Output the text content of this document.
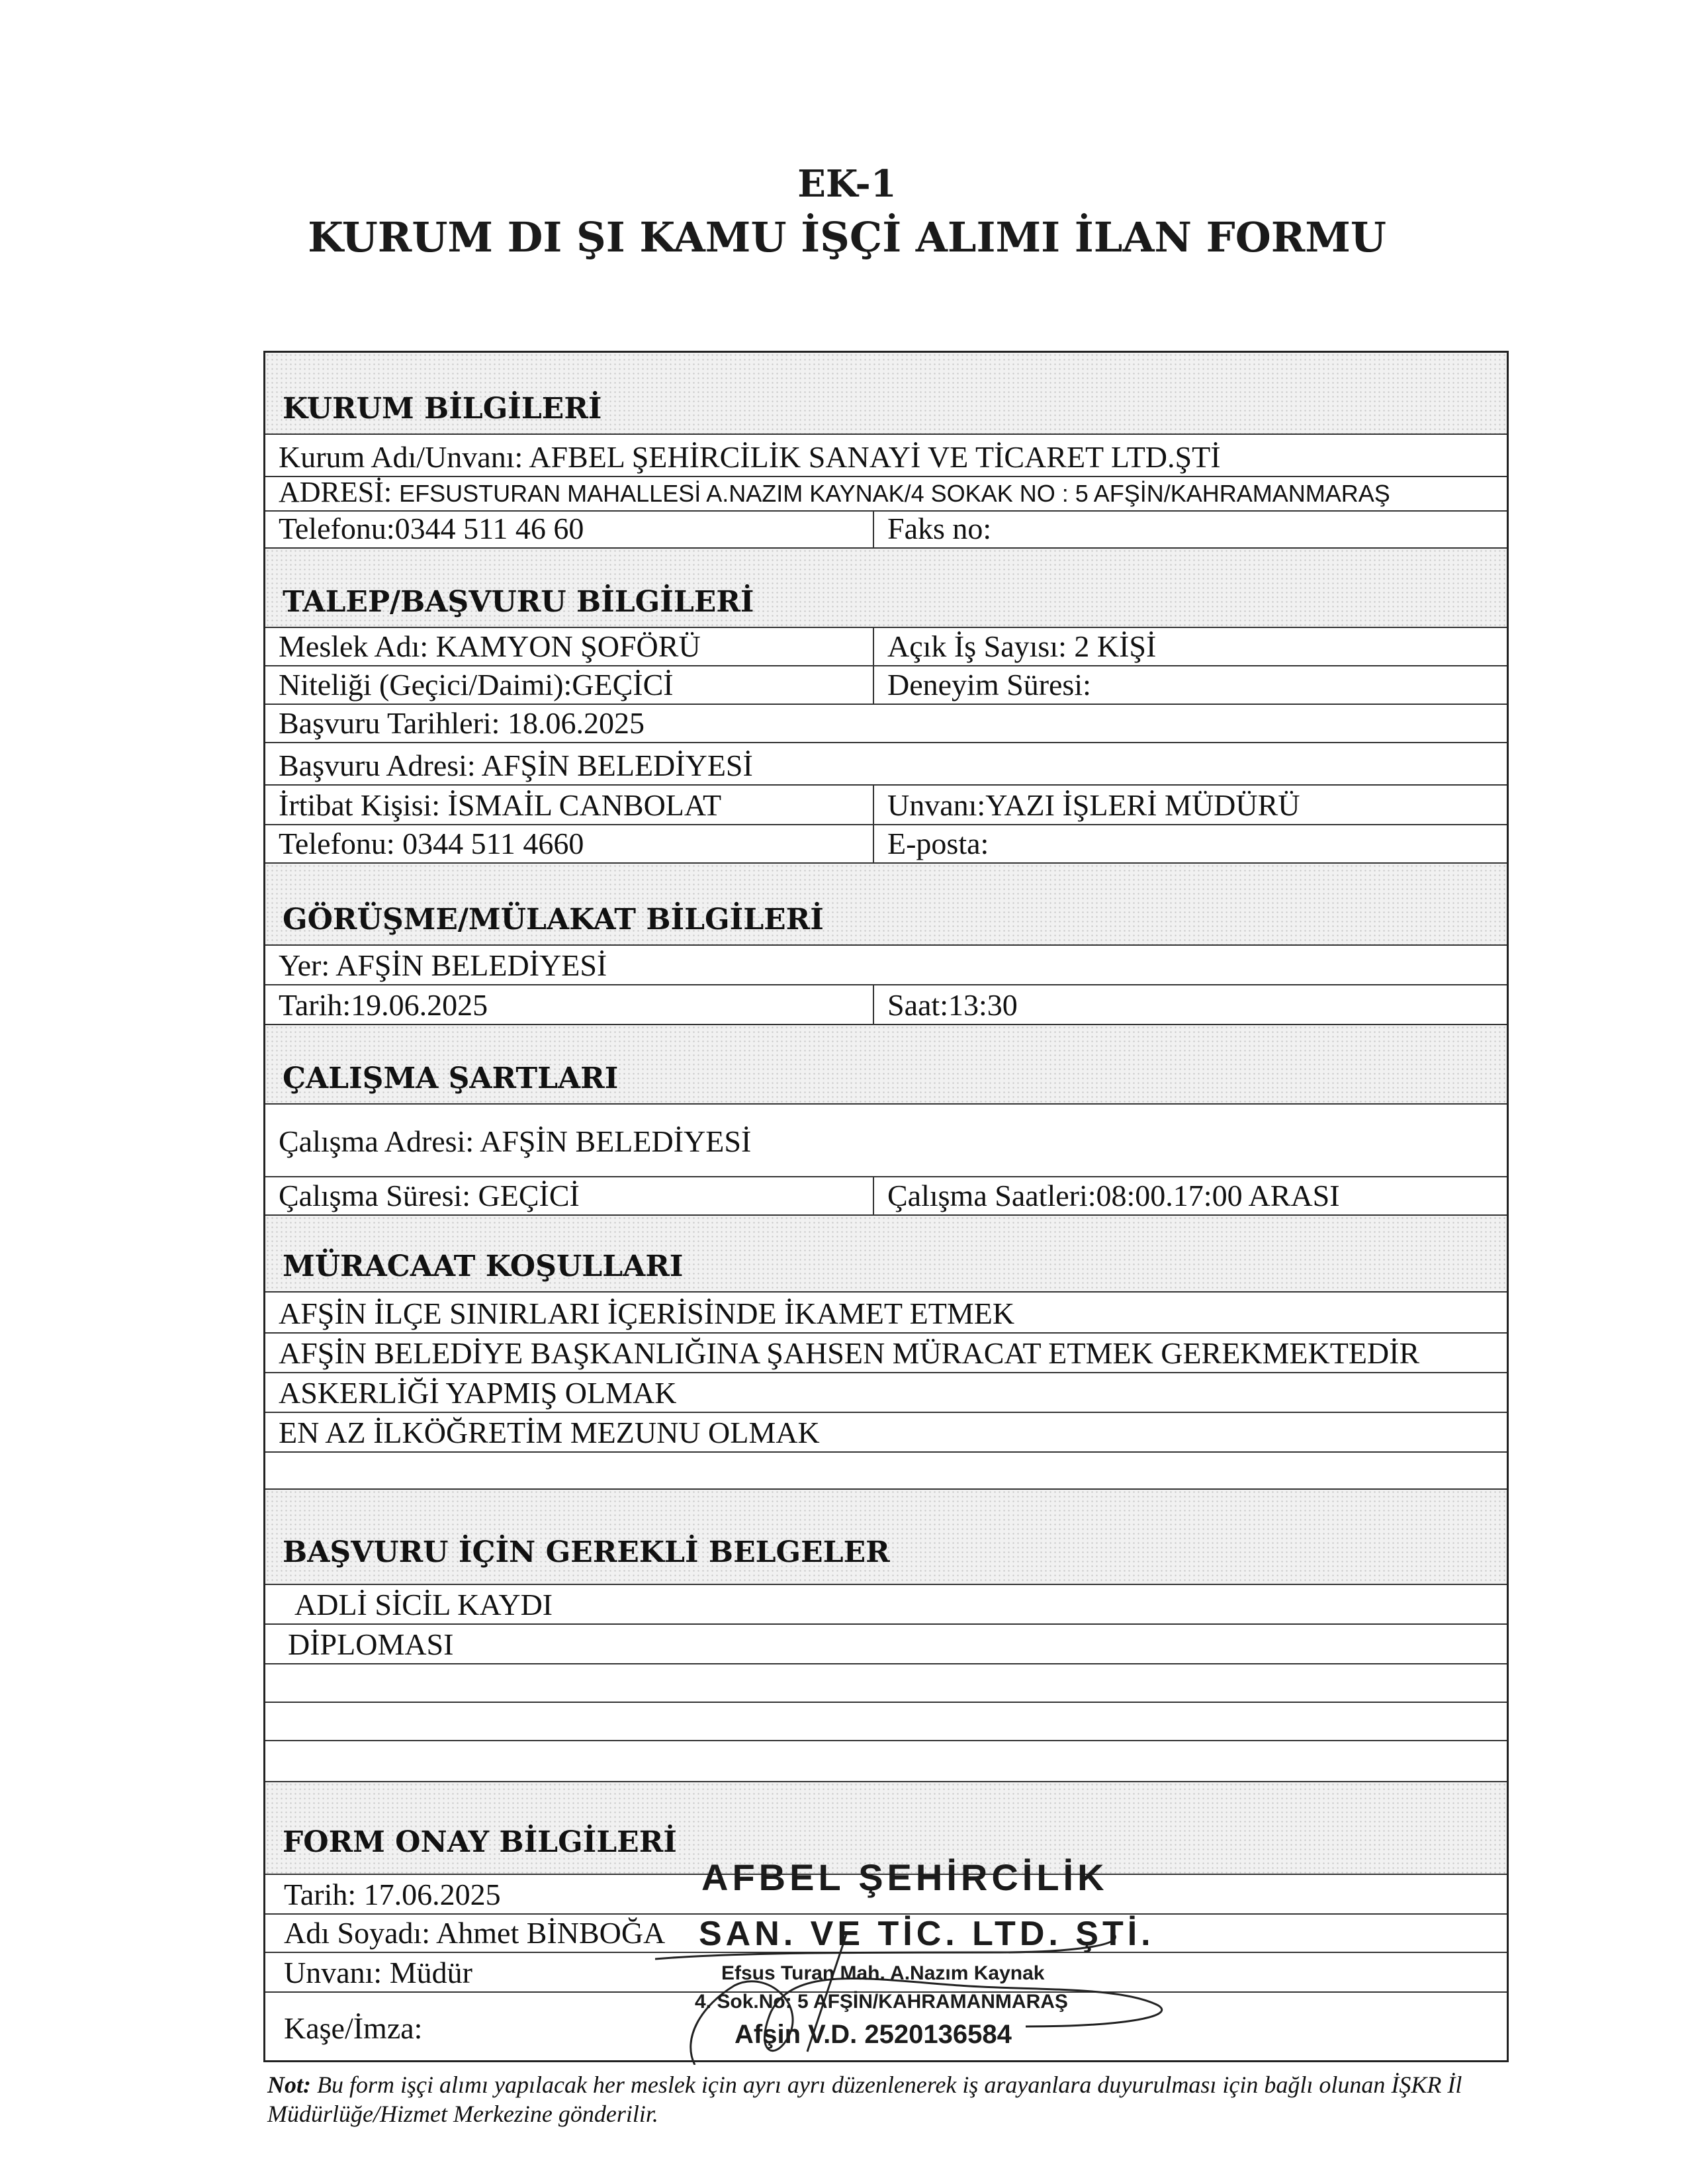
EK-1
KURUM DI ŞI KAMU İŞÇİ ALIMI İLAN FORMU
KURUM BİLGİLERİ
Kurum Adı/Unvanı: AFBEL ŞEHİRCİLİK SANAYİ VE TİCARET LTD.ŞTİ
ADRESİ: EFSUSTURAN MAHALLESİ A.NAZIM KAYNAK/4 SOKAK NO : 5 AFŞİN/KAHRAMANMARAŞ
Telefonu:0344 511 46 60	Faks no:
TALEP/BAŞVURU BİLGİLERİ
Meslek Adı: KAMYON ŞOFÖRÜ	Açık İş Sayısı: 2 KİŞİ
Niteliği (Geçici/Daimi):GEÇİCİ	Deneyim Süresi:
Başvuru Tarihleri: 18.06.2025
Başvuru Adresi: AFŞİN BELEDİYESİ
İrtibat Kişisi: İSMAİL CANBOLAT	Unvanı:YAZI İŞLERİ MÜDÜRÜ
Telefonu: 0344 511 4660	E-posta:
GÖRÜŞME/MÜLAKAT BİLGİLERİ
Yer: AFŞİN BELEDİYESİ
Tarih:19.06.2025	Saat:13:30
ÇALIŞMA ŞARTLARI
Çalışma Adresi: AFŞİN BELEDİYESİ
Çalışma Süresi: GEÇİCİ	Çalışma Saatleri:08:00.17:00 ARASI
MÜRACAAT KOŞULLARI
AFŞİN İLÇE SINIRLARI İÇERİSİNDE İKAMET ETMEK
AFŞİN BELEDİYE BAŞKANLIĞINA ŞAHSEN MÜRACAT ETMEK GEREKMEKTEDİR
ASKERLİĞİ YAPMIŞ OLMAK
EN AZ İLKÖĞRETİM MEZUNU OLMAK
BAŞVURU İÇİN GEREKLİ BELGELER
ADLİ SİCİL KAYDI
DİPLOMASI
FORM ONAY BİLGİLERİ
Tarih: 17.06.2025
Adı Soyadı: Ahmet BİNBOĞA
Unvanı: Müdür
Kaşe/İmza:
AFBEL ŞEHİRCİLİK
SAN. VE TİC. LTD. ŞTİ.
Efsus Turan Mah. A.Nazım Kaynak
4. Sok.No: 5 AFŞİN/KAHRAMANMARAŞ
Afşin V.D. 2520136584
Not: Bu form işçi alımı yapılacak her meslek için ayrı ayrı düzenlenerek iş arayanlara duyurulması için bağlı olunan İŞKR İl Müdürlüğe/Hizmet Merkezine gönderilir.
